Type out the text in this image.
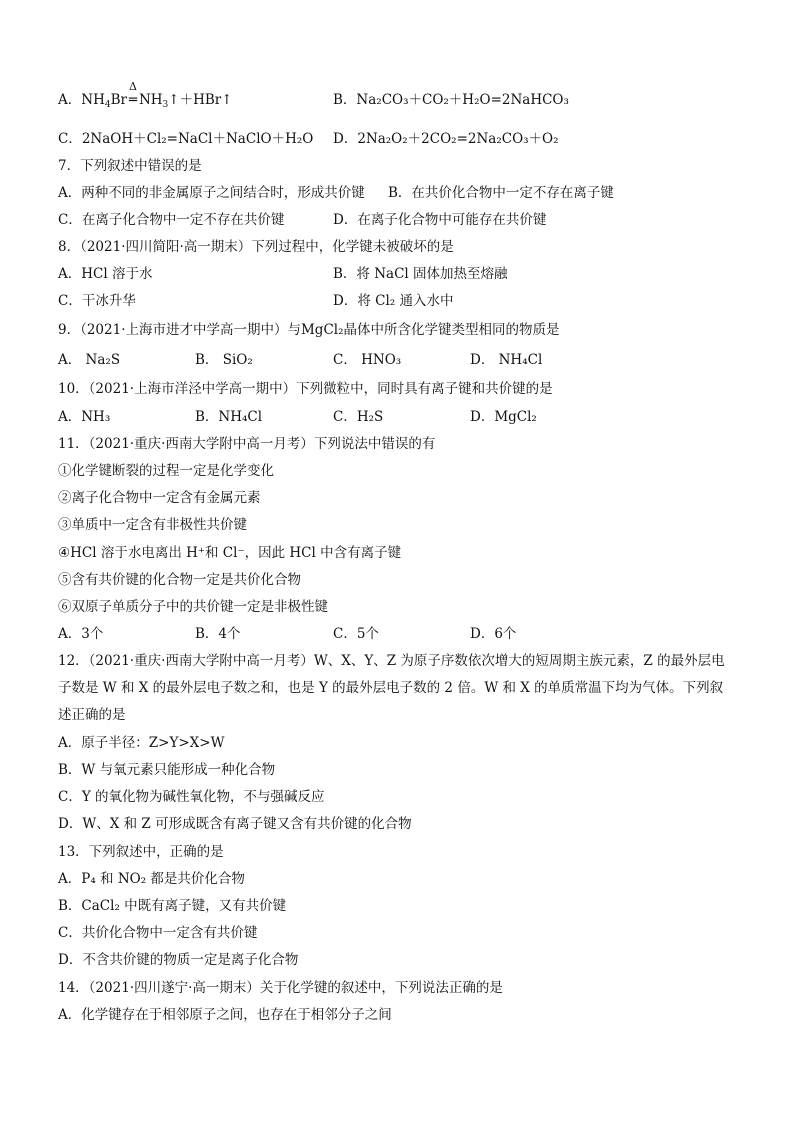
A．$NH_4Br$
Δ
═ $NH_3↑+HBr↑$	B．Na₂CO₃＋CO₂＋H₂O=2NaHCO₃
C．2NaOH＋Cl₂=NaCl＋NaClO＋H₂O D．2Na₂O₂＋2CO₂=2Na₂CO₃＋O₂
7．下列叙述中错误的是
A．两种不同的非金属原子之间结合时，形成共价键 B．在共价化合物中一定不存在离子键
C．在离子化合物中一定不存在共价键	D．在离子化合物中可能存在共价键
8．（2021·四川简阳·高一期末）下列过程中，化学键未被破坏的是
A．HCl 溶于水	B．将 NaCl 固体加热至熔融
C．干冰升华	D．将 Cl₂ 通入水中
9．（2021·上海市进才中学高一期中）与MgCl₂晶体中所含化学键类型相同的物质是
A． Na₂S	B． SiO₂	C． HNO₃	D． NH₄Cl
10．（2021·上海市洋泾中学高一期中）下列微粒中，同时具有离子键和共价键的是
A．NH₃	B．NH₄Cl	C．H₂S	D．MgCl₂
11．（2021·重庆·西南大学附中高一月考）下列说法中错误的有
①化学键断裂的过程一定是化学变化
②离子化合物中一定含有金属元素
③单质中一定含有非极性共价键
④HCl 溶于水电离出 H⁺和 Cl⁻，因此 HCl 中含有离子键
⑤含有共价键的化合物一定是共价化合物
⑥双原子单质分子中的共价键一定是非极性键
A．3个	B．4个	C．5个	D．6个
12．（2021·重庆·西南大学附中高一月考）W、X、Y、Z 为原子序数依次增大的短周期主族元素，Z 的最外层电
子数是 W 和 X 的最外层电子数之和，也是 Y 的最外层电子数的 2 倍。W 和 X 的单质常温下均为气体。下列叙
述正确的是
A．原子半径：Z>Y>X>W
B．W 与氧元素只能形成一种化合物
C．Y 的氧化物为碱性氧化物，不与强碱反应
D．W、X 和 Z 可形成既含有离子键又含有共价键的化合物
13．下列叙述中，正确的是
A．P₄ 和 NO₂ 都是共价化合物
B．CaCl₂ 中既有离子键，又有共价键
C．共价化合物中一定含有共价键
D．不含共价键的物质一定是离子化合物
14．（2021·四川遂宁·高一期末）关于化学键的叙述中，下列说法正确的是
A．化学键存在于相邻原子之间，也存在于相邻分子之间
